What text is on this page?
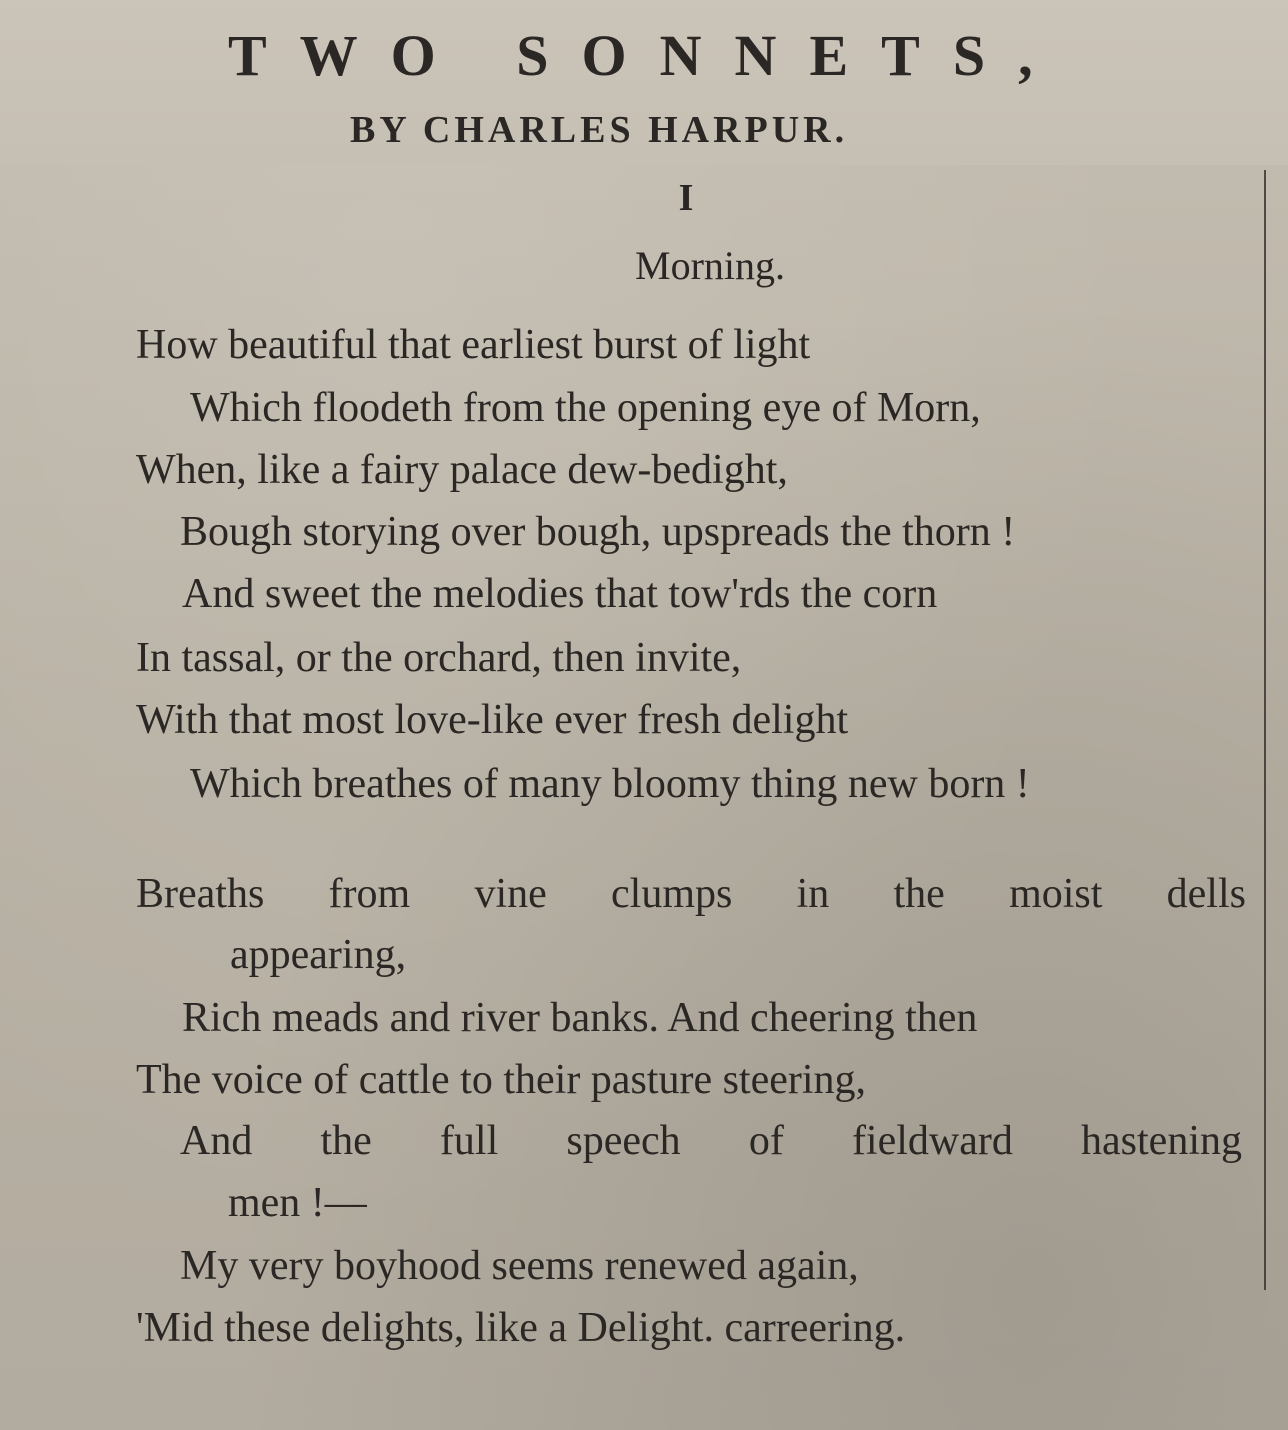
TWO SONNETS,
BY CHARLES HARPUR.
I
Morning.
How beautiful that earliest burst of light
Which floodeth from the opening eye of Morn,
When, like a fairy palace dew-bedight,
Bough storying over bough, upspreads the thorn !
And sweet the melodies that tow'rds the corn
In tassal, or the orchard, then invite,
With that most love-like ever fresh delight
Which breathes of many bloomy thing new born !
Breaths from vine clumps in the moist dells
appearing,
Rich meads and river banks. And cheering then
The voice of cattle to their pasture steering,
And the full speech of fieldward hastening
men !—
My very boyhood seems renewed again,
'Mid these delights, like a Delight. carreering.
